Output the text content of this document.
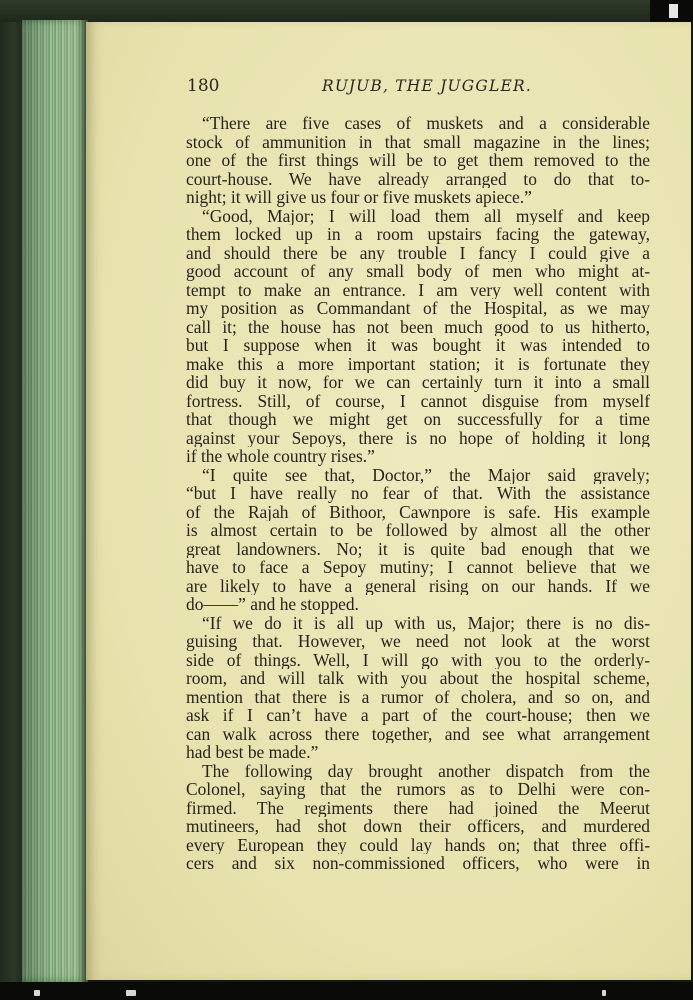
180	RUJUB, THE JUGGLER.
“There are five cases of muskets and a considerable
stock of ammunition in that small magazine in the lines;
one of the first things will be to get them removed to the
court-house. We have already arranged to do that to-
night; it will give us four or five muskets apiece.”
“Good, Major; I will load them all myself and keep
them locked up in a room upstairs facing the gateway,
and should there be any trouble I fancy I could give a
good account of any small body of men who might at-
tempt to make an entrance. I am very well content with
my position as Commandant of the Hospital, as we may
call it; the house has not been much good to us hitherto,
but I suppose when it was bought it was intended to
make this a more important station; it is fortunate they
did buy it now, for we can certainly turn it into a small
fortress. Still, of course, I cannot disguise from myself
that though we might get on successfully for a time
against your Sepoys, there is no hope of holding it long
if the whole country rises.”
“I quite see that, Doctor,” the Major said gravely;
“but I have really no fear of that. With the assistance
of the Rajah of Bithoor, Cawnpore is safe. His example
is almost certain to be followed by almost all the other
great landowners. No; it is quite bad enough that we
have to face a Sepoy mutiny; I cannot believe that we
are likely to have a general rising on our hands. If we
do——” and he stopped.
“If we do it is all up with us, Major; there is no dis-
guising that. However, we need not look at the worst
side of things. Well, I will go with you to the orderly-
room, and will talk with you about the hospital scheme,
mention that there is a rumor of cholera, and so on, and
ask if I can’t have a part of the court-house; then we
can walk across there together, and see what arrangement
had best be made.”
The following day brought another dispatch from the
Colonel, saying that the rumors as to Delhi were con-
firmed. The regiments there had joined the Meerut
mutineers, had shot down their officers, and murdered
every European they could lay hands on; that three offi-
cers and six non-commissioned officers, who were in
